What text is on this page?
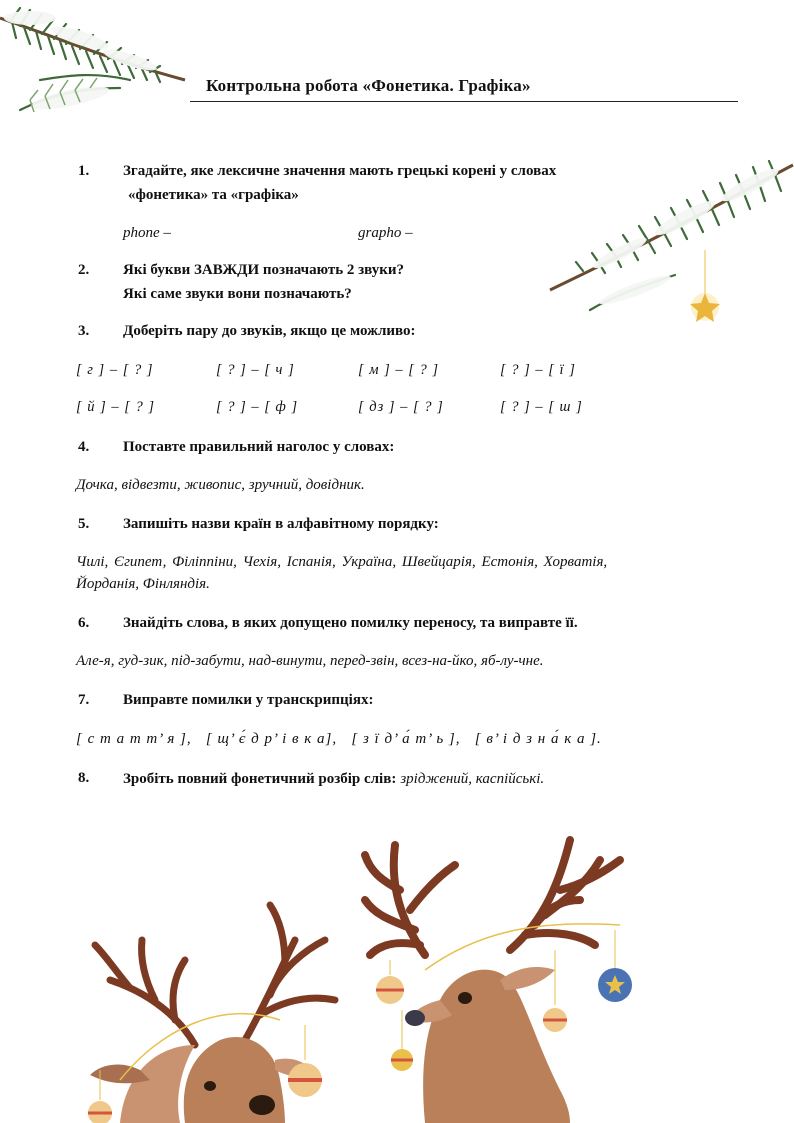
Контрольна робота «Фонетика. Графіка»
1. Згадайте, яке лексичне значення мають грецькі корені у словах
«фонетика» та «графіка»
phone –	grapho –
2. Які букви ЗАВЖДИ позначають 2 звуки?
Які саме звуки вони позначають?
3. Доберіть пару до звуків, якщо це можливо:
[ г ] – [ ? ]	[ ? ] – [ ч ]	[ м ] – [ ? ]	[ ? ] – [ ї ]
[ й ] – [ ? ]	[ ? ] – [ ф ]	[ дз ] – [ ? ]	[ ? ] – [ ш ]
4. Поставте правильний наголос у словах:
Дочка, відвезти, живопис, зручний, довідник.
5. Запишіть назви країн в алфавітному порядку:
Чилі, Єгипет, Філіппіни, Чехія, Іспанія, Україна, Швейцарія, Естонія, Хорватія,
Йорданія, Фінляндія.
6. Знайдіть слова, в яких допущено помилку переносу, та виправте її.
Але-я, гуд-зик, під-забути, над-винути, перед-звін, всез-на-йко, яб-лу-чне.
7. Виправте помилки у транскрипціях:
[ с т а т т’ я ],   [ щ’ є́ д р’ і в к а],   [ з ї д’ а́ т’ ь ],   [ в’ і д з н а́ к а ].
8. Зробіть повний фонетичний розбір слів: зріджений, каспійські.
